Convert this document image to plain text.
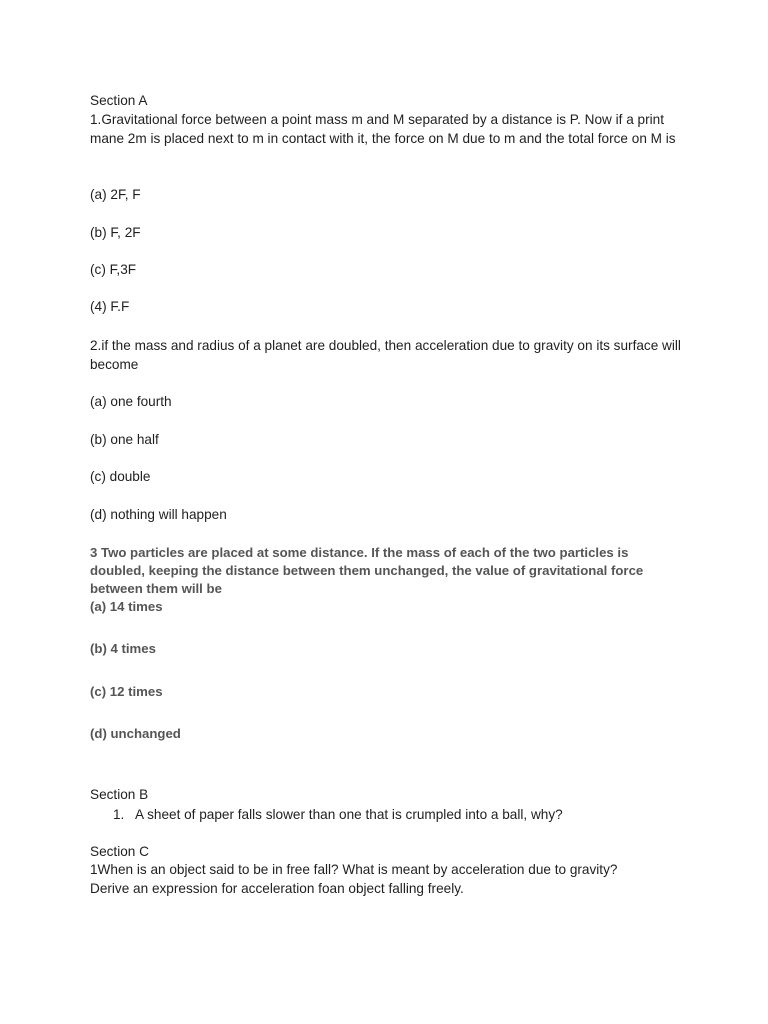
Section A

1.Gravitational force between a point mass m and M separated by a distance is P. Now if a print mane 2m is placed next to m in contact with it, the force on M due to m and the total force on M is

(a) 2F, F

(b) F, 2F

(c) F,3F

(4) F.F

2.if the mass and radius of a planet are doubled, then acceleration due to gravity on its surface will become

(a) one fourth

(b) one half

(c) double

(d) nothing will happen

3 Two particles are placed at some distance. If the mass of each of the two particles is doubled, keeping the distance between them unchanged, the value of gravitational force between them will be

(a) 14 times

(b) 4 times

(c) 12 times

(d) unchanged

Section B

1. A sheet of paper falls slower than one that is crumpled into a ball, why?

Section C

1When is an object said to be in free fall? What is meant by acceleration due to gravity? Derive an expression for acceleration foan object falling freely.
